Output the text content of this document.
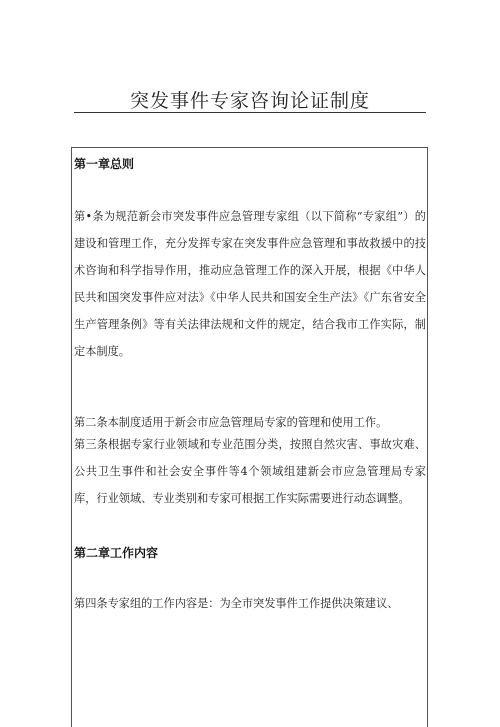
突发事件专家咨询论证制度
第一章总则
第•条为规范新会市突发事件应急管理专家组（以下简称“专家组”）的建设和管理工作，充分发挥专家在突发事件应急管理和事故救援中的技术咨询和科学指导作用，推动应急管理工作的深入开展，根据《中华人民共和国突发事件应对法》《中华人民共和国安全生产法》《广东省安全生产管理条例》等有关法律法规和文件的规定，结合我市工作实际，制定本制度。
第二条本制度适用于新会市应急管理局专家的管理和使用工作。
第三条根据专家行业领域和专业范围分类，按照自然灾害、事故灾难、公共卫生事件和社会安全事件等4个领域组建新会市应急管理局专家库，行业领域、专业类别和专家可根据工作实际需要进行动态调整。
第二章工作内容
第四条专家组的工作内容是：为全市突发事件工作提供决策建议、
